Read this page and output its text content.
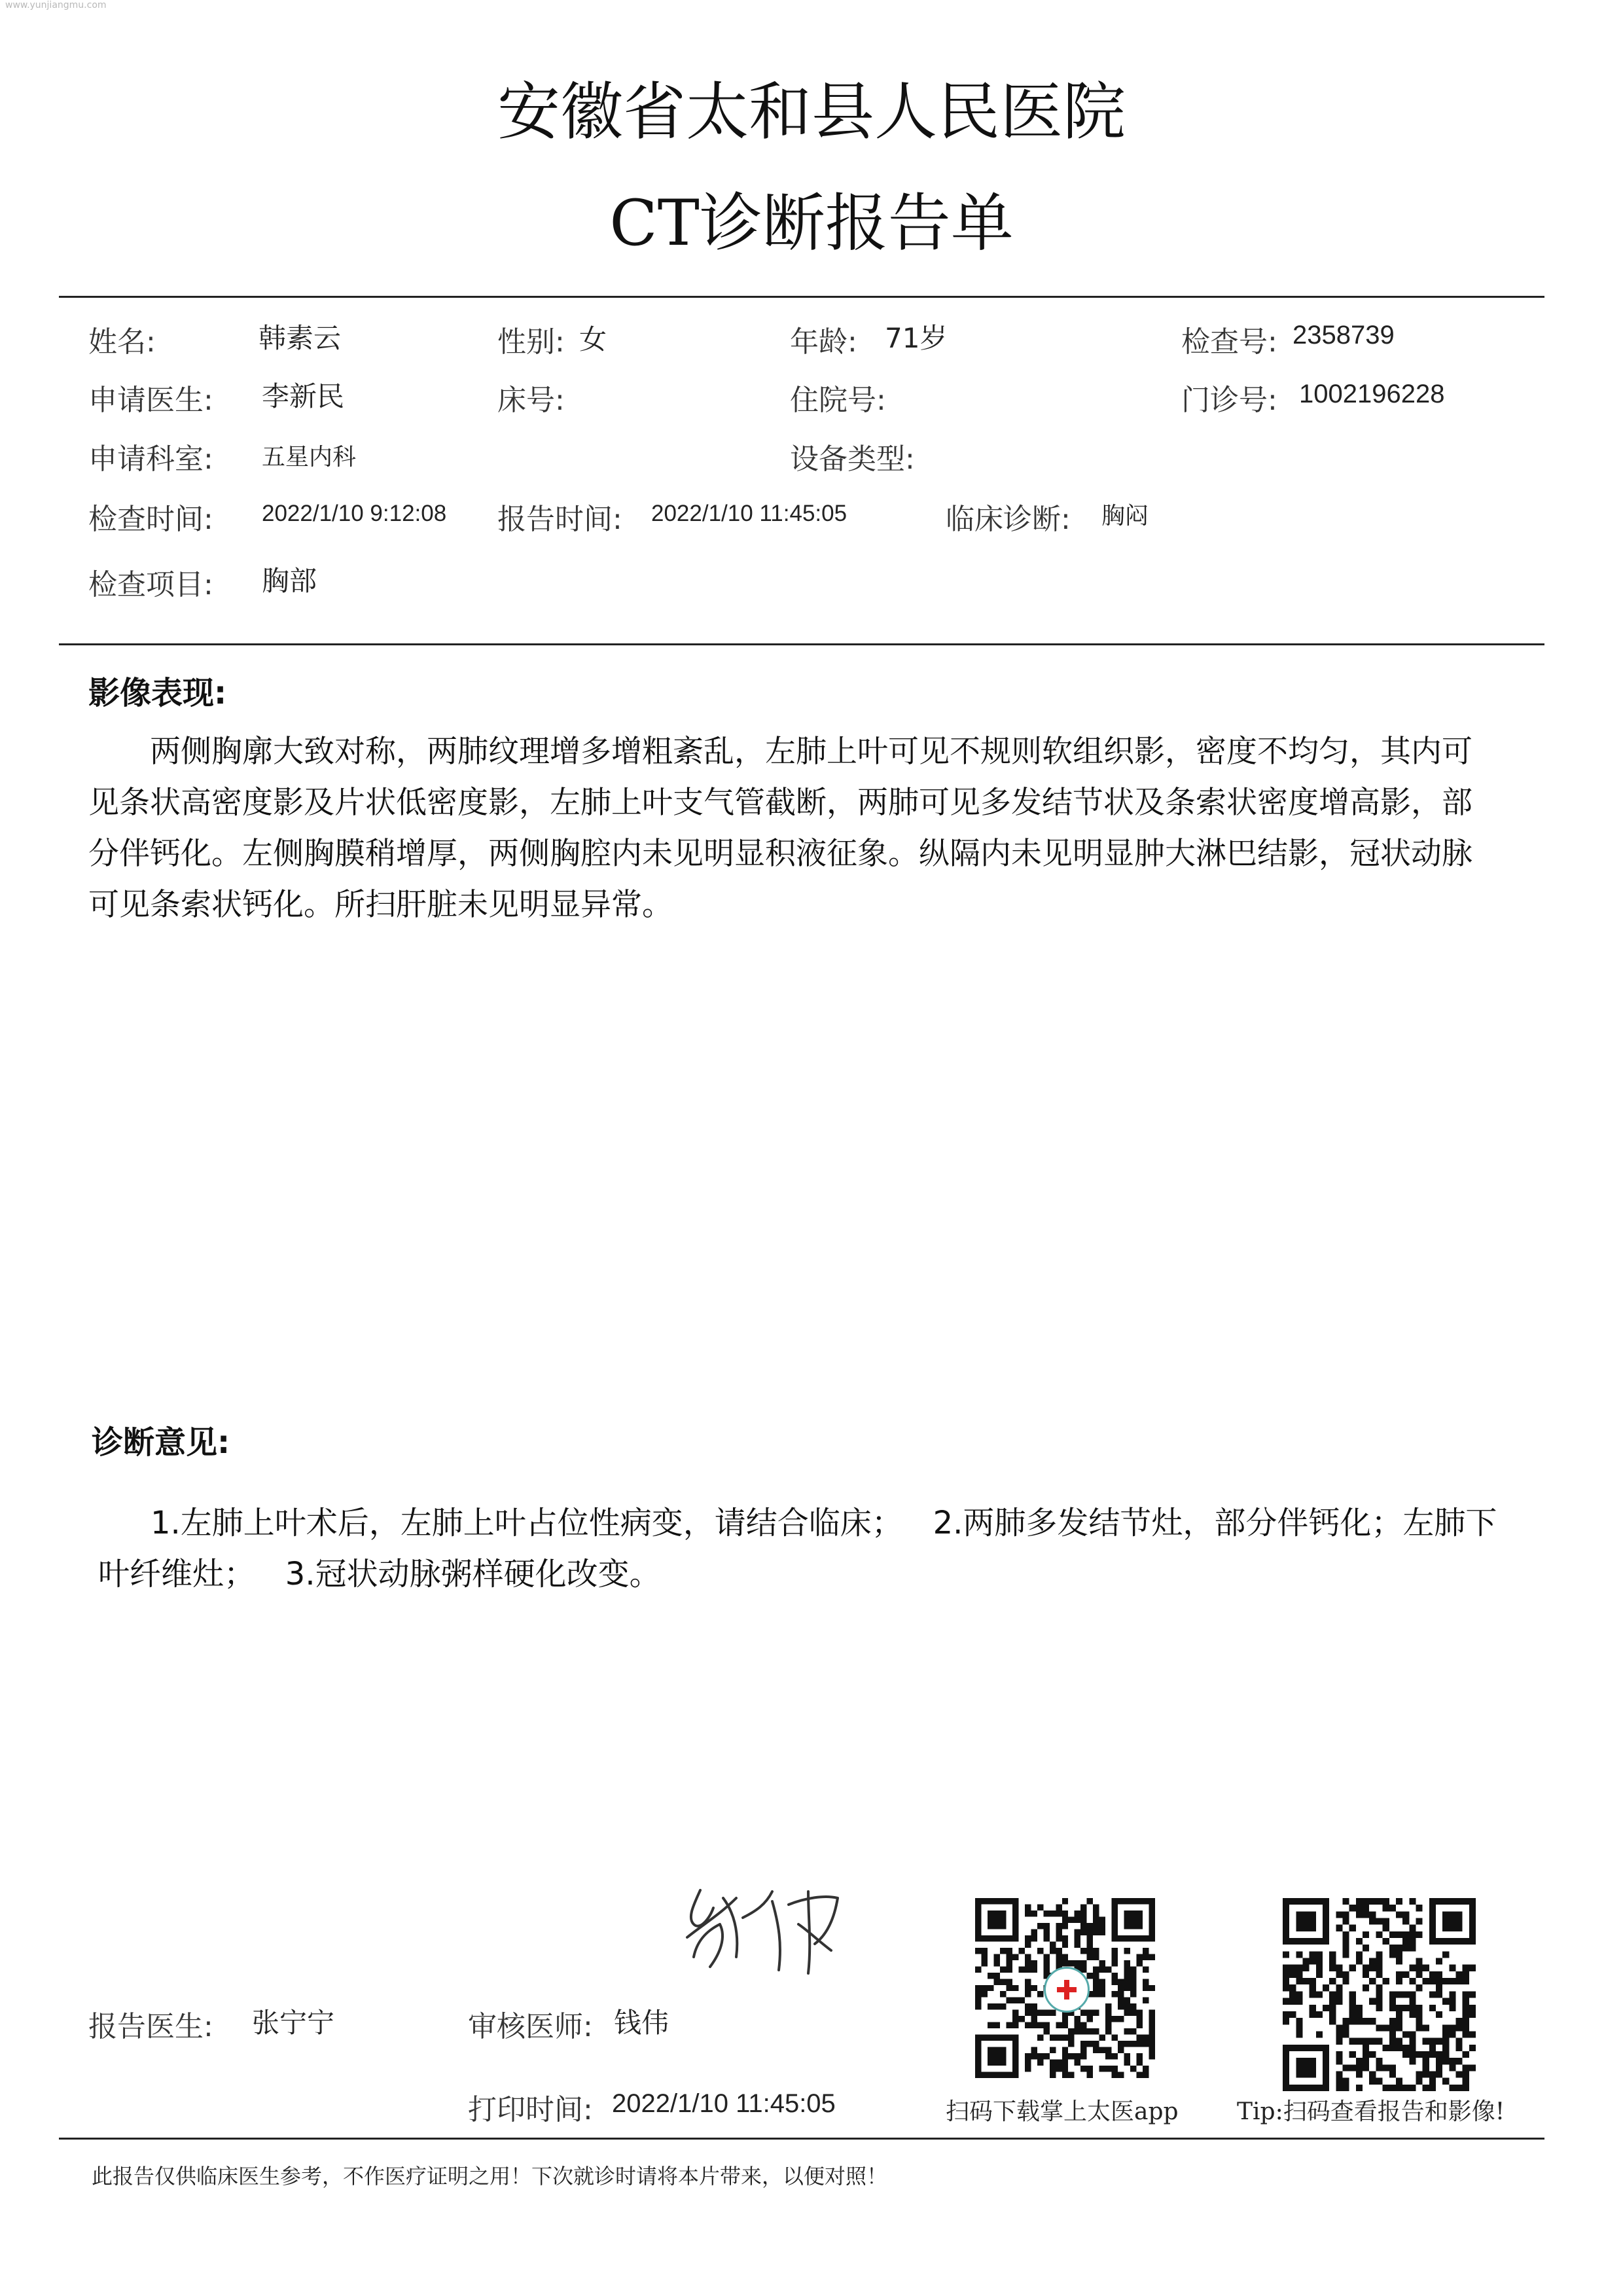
www.yunjiangmu.com
安徽省太和县人民医院
CT诊断报告单
姓名:	韩素云	性别: 女	年龄: 71岁	检查号: 2358739
申请医生: 李新民	床号:	住院号:	门诊号: 1002196228
申请科室: 五星内科	设备类型:
检查时间: 2022/1/10 9:12:08 报告时间: 2022/1/10 11:45:05	临床诊断: 胸闷
检查项目: 胸部
影像表现:
两侧胸廓大致对称，两肺纹理增多增粗紊乱，左肺上叶可见不规则软组织影，密度不均匀，其内可见条状高密度影及片状低密度影，左肺上叶支气管截断，两肺可见多发结节状及条索状密度增高影，部分伴钙化。左侧胸膜稍增厚，两侧胸腔内未见明显积液征象。纵隔内未见明显肿大淋巴结影，冠状动脉可见条索状钙化。所扫肝脏未见明显异常。
诊断意见:
1.左肺上叶术后，左肺上叶占位性病变，请结合临床；   2.两肺多发结节灶，部分伴钙化；左肺下叶纤维灶；   3.冠状动脉粥样硬化改变。
报告医生: 张宁宁	审核医师: 钱伟
打印时间: 2022/1/10 11:45:05	扫码下载掌上太医app Tip:扫码查看报告和影像!
此报告仅供临床医生参考，不作医疗证明之用！下次就诊时请将本片带来，以便对照！
